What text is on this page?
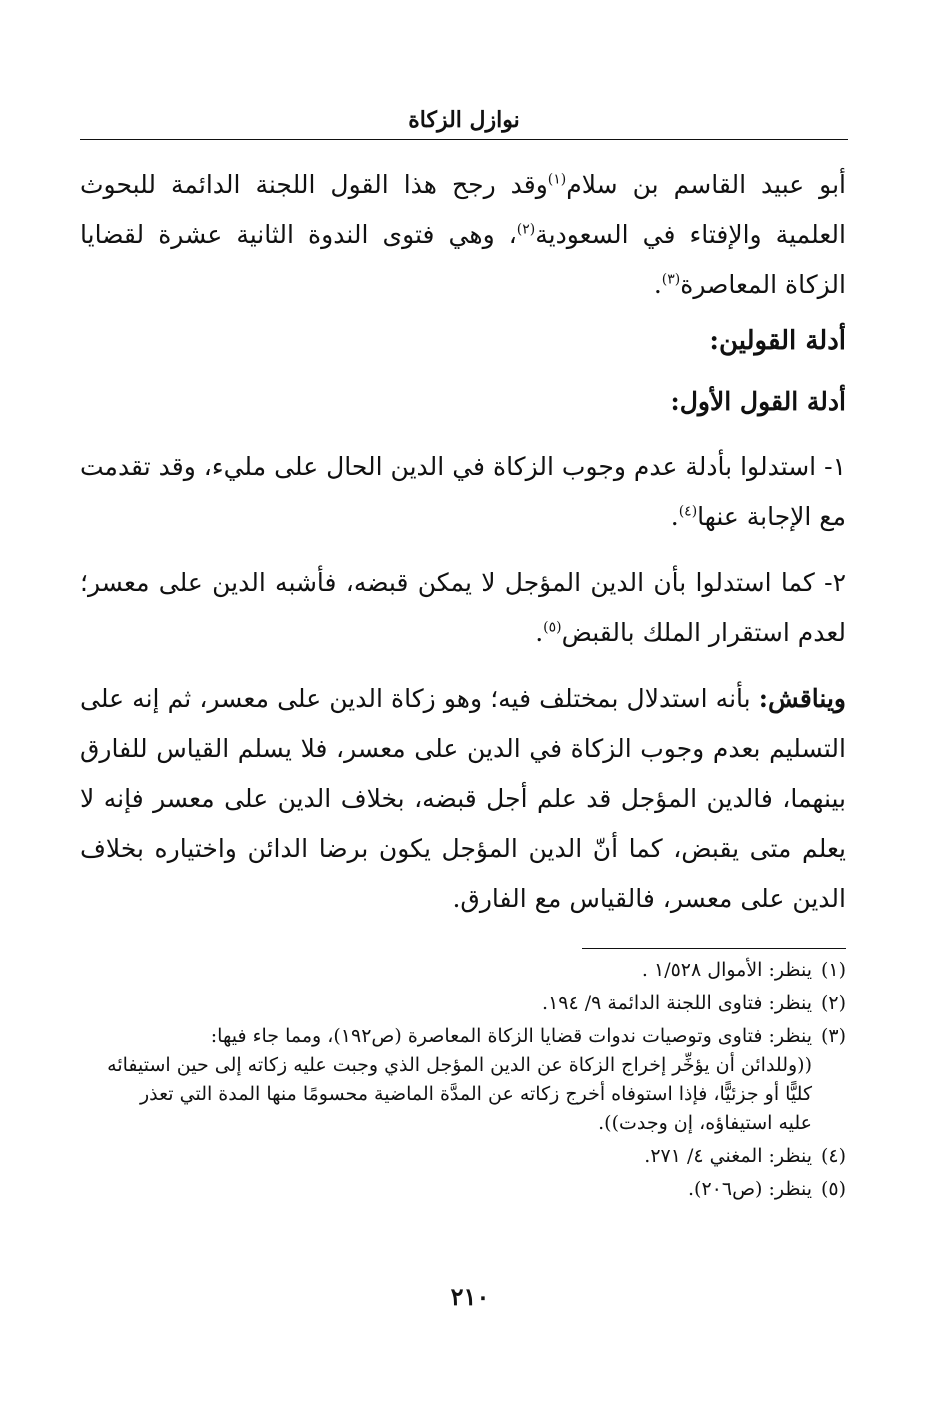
نوازل الزكاة

أبو عبيد القاسم بن سلام$^{(١)}$وقد رجح هذا القول اللجنة الدائمة للبحوث العلمية والإفتاء في السعودية$^{(٢)}$، وهي فتوى الندوة الثانية عشرة لقضايا الزكاة المعاصرة$^{(٣)}$.

أدلة القولين:
أدلة القول الأول:

١- استدلوا بأدلة عدم وجوب الزكاة في الدين الحال على مليء، وقد تقدمت مع الإجابة عنها$^{(٤)}$.

٢- كما استدلوا بأن الدين المؤجل لا يمكن قبضه، فأشبه الدين على معسر؛ لعدم استقرار الملك بالقبض$^{(٥)}$.

ويناقش: بأنه استدلال بمختلف فيه؛ وهو زكاة الدين على معسر، ثم إنه على التسليم بعدم وجوب الزكاة في الدين على معسر، فلا يسلم القياس للفارق بينهما، فالدين المؤجل قد علم أجل قبضه، بخلاف الدين على معسر فإنه لا يعلم متى يقبض، كما أنّ الدين المؤجل يكون برضا الدائن واختياره بخلاف الدين على معسر، فالقياس مع الفارق.

(١)
ينظر: الأموال ١/٥٢٨ .
(٢)
ينظر: فتاوى اللجنة الدائمة ٩/ ١٩٤.
(٣)
ينظر: فتاوى وتوصيات ندوات قضايا الزكاة المعاصرة (ص١٩٢)، ومما جاء فيها:
((وللدائن أن يؤخِّر إخراج الزكاة عن الدين المؤجل الذي وجبت عليه زكاته إلى حين استيفائه
كليًّا أو جزئيًّا، فإذا استوفاه أخرج زكاته عن المدَّة الماضية محسومًا منها المدة التي تعذر
عليه استيفاؤه، إن وجدت)).
(٤)
ينظر: المغني ٤/ ٢٧١.
(٥)
ينظر: (ص٢٠٦).
٢١٠
